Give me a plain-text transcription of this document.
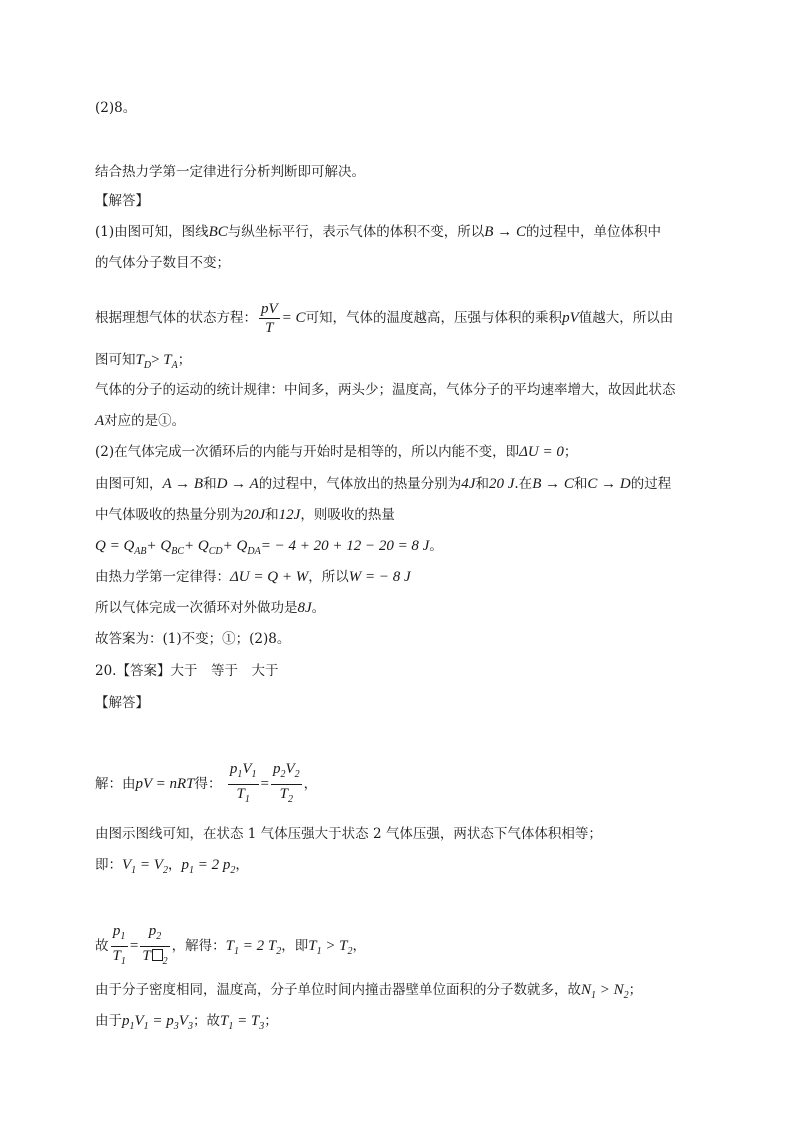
(2)8。
结合热力学第一定律进行分析判断即可解决。
【解答】
(1)由图可知，图线BC与纵坐标平行，表示气体的体积不变，所以B → C的过程中，单位体积中
的气体分子数目不变；
根据理想气体的状态方程： $\frac{pV}{T} = C$可知，气体的温度越高，压强与体积的乘积pV值越大，所以由
图可知$T_D> T_A$；
气体的分子的运动的统计规律：中间多，两头少；温度高，气体分子的平均速率增大，故因此状态
A对应的是①。
(2)在气体完成一次循环后的内能与开始时是相等的，所以内能不变，即ΔU = 0；
由图可知，A → B和D → A的过程中，气体放出的热量分别为4J和20 J.在B → C和C → D的过程
中气体吸收的热量分别为20J和12J，则吸收的热量
$Q = Q_{AB}+ Q_{BC}+ Q_{CD}+ Q_{DA}= - 4 + 20 + 12 - 20 = 8$ J。
由热力学第一定律得：ΔU = Q + W，所以W = − 8 J
所以气体完成一次循环对外做功是8J。
故答案为：(1)不变；①；(2)8。
20.【答案】大于　等于　大于
【解答】
解：由pV = nRT得： $\frac{p_1V_1}{T_1} = \frac{p_2V_2}{T_2}$ ，
由图示图线可知，在状态 1 气体压强大于状态 2 气体压强，两状态下气体体积相等；
即：$V_1 = V_2$，$p_1 = 2$ $p_2$，
故 $\frac{p_1}{T_1} = \frac{p_2}{T _2}$ ，解得：$T_1 = 2$ $T_2$，即$T_1 > T_2$，
由于分子密度相同，温度高，分子单位时间内撞击器壁单位面积的分子数就多，故$N_1 > N_2$；
由于$p_1V_1 = p_3V_3$；故$T_1 = T_3$；
